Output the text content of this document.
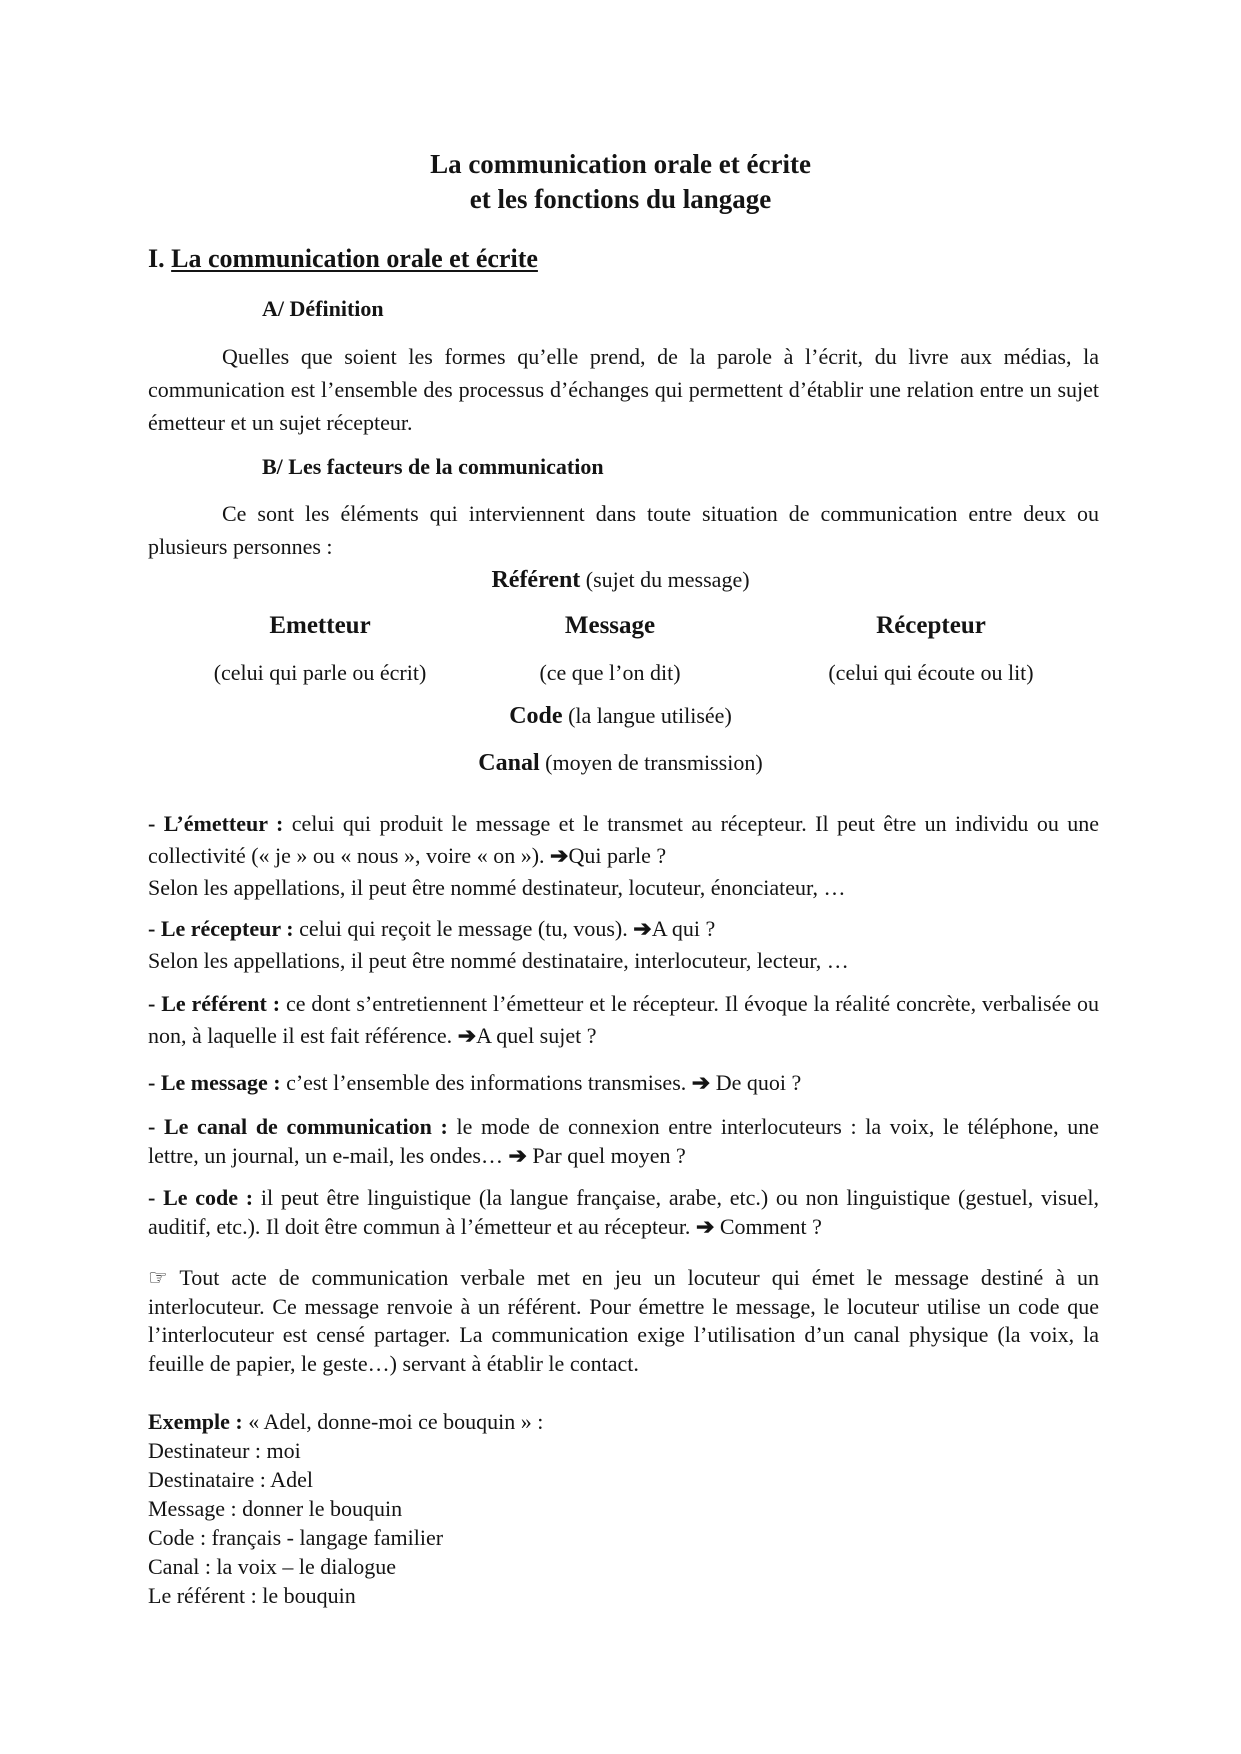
La communication orale et écrite
et les fonctions du langage
I. La communication orale et écrite
A/ Définition
Quelles que soient les formes qu’elle prend, de la parole à l’écrit, du livre aux médias, la communication est l’ensemble des processus d’échanges qui permettent d’établir une relation entre un sujet émetteur et un sujet récepteur.
B/ Les facteurs de la communication
Ce sont les éléments qui interviennent dans toute situation de communication entre deux ou plusieurs personnes :
Référent (sujet du message)
Emetteur	Message	Récepteur
(celui qui parle ou écrit)	(ce que l’on dit)	(celui qui écoute ou lit)
Code (la langue utilisée)
Canal (moyen de transmission)
- L’émetteur : celui qui produit le message et le transmet au récepteur. Il peut être un individu ou une collectivité (« je » ou « nous », voire « on »). ➔Qui parle ?
Selon les appellations, il peut être nommé destinateur, locuteur, énonciateur, …
- Le récepteur : celui qui reçoit le message (tu, vous). ➔A qui ?
Selon les appellations, il peut être nommé destinataire, interlocuteur, lecteur, …
- Le référent : ce dont s’entretiennent l’émetteur et le récepteur. Il évoque la réalité concrète, verbalisée ou non, à laquelle il est fait référence. ➔A quel sujet ?
- Le message : c’est l’ensemble des informations transmises. ➔ De quoi ?
- Le canal de communication : le mode de connexion entre interlocuteurs : la voix, le téléphone, une lettre, un journal, un e-mail, les ondes… ➔ Par quel moyen ?
- Le code : il peut être linguistique (la langue française, arabe, etc.) ou non linguistique (gestuel, visuel, auditif, etc.). Il doit être commun à l’émetteur et au récepteur. ➔ Comment ?
☞ Tout acte de communication verbale met en jeu un locuteur qui émet le message destiné à un interlocuteur. Ce message renvoie à un référent. Pour émettre le message, le locuteur utilise un code que l’interlocuteur est censé partager. La communication exige l’utilisation d’un canal physique (la voix, la feuille de papier, le geste…) servant à établir le contact.
Exemple : « Adel, donne-moi ce bouquin » :
Destinateur : moi
Destinataire : Adel
Message : donner le bouquin
Code : français - langage familier
Canal : la voix – le dialogue
Le référent : le bouquin
